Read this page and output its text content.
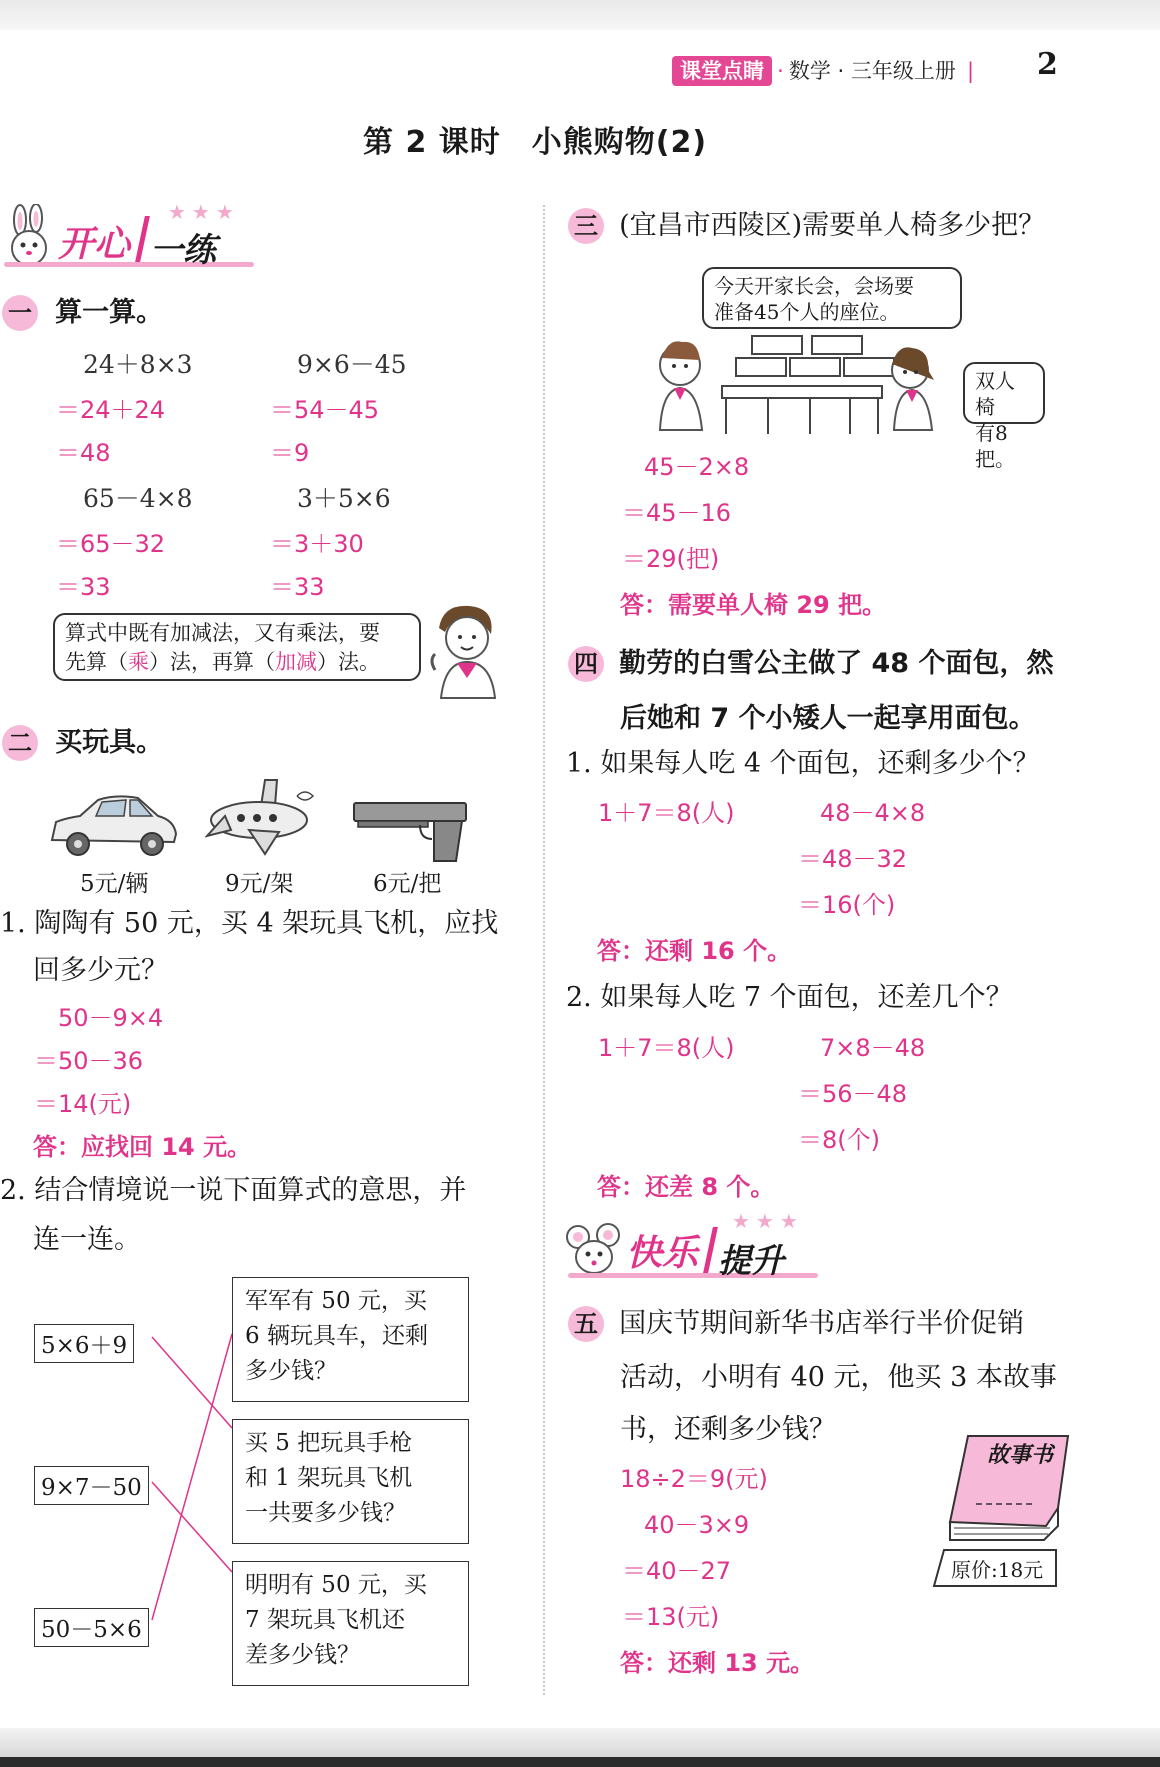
课堂点睛 · 数学 · 三年级上册 | 2
第 2 课时　小熊购物(2)
开心 一练
★★★
一 算一算。
24＋8×3
＝24＋24
＝48
9×6－45
＝54－45
＝9
65－4×8
＝65－32
＝33
3＋5×6
＝3＋30
＝33
算式中既有加减法，又有乘法，要
先算（乘）法，再算（加减）法。
二 买玩具。
5元/辆	9元/架	6元/把
1. 陶陶有 50 元，买 4 架玩具飞机，应找
回多少元？
50－9×4
＝50－36
＝14(元)
答：应找回 14 元。
2. 结合情境说一说下面算式的意思，并
连一连。
5×6＋9
9×7－50
50－5×6
军军有 50 元，买
6 辆玩具车，还剩
多少钱？
买 5 把玩具手枪
和 1 架玩具飞机
一共要多少钱？
明明有 50 元，买
7 架玩具飞机还
差多少钱？
三 (宜昌市西陵区)需要单人椅多少把？
今天开家长会，会场要
准备45个人的座位。
双人椅
有8把。
45－2×8
＝45－16
＝29(把)
答：需要单人椅 29 把。
四 勤劳的白雪公主做了 48 个面包，然
后她和 7 个小矮人一起享用面包。
1. 如果每人吃 4 个面包，还剩多少个？
1＋7＝8(人)	48－4×8
＝48－32
＝16(个)
答：还剩 16 个。
2. 如果每人吃 7 个面包，还差几个？
1＋7＝8(人)	7×8－48
＝56－48
＝8(个)
答：还差 8 个。
快乐 提升
★★★
五 国庆节期间新华书店举行半价促销
活动，小明有 40 元，他买 3 本故事
书，还剩多少钱？
18÷2＝9(元)
40－3×9
＝40－27
＝13(元)
答：还剩 13 元。
故事书
原价:18元
